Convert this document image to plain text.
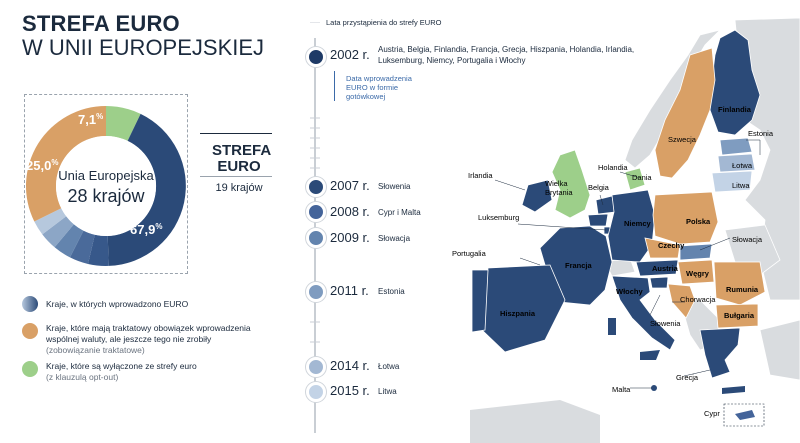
STREFA EURO
W UNII EUROPEJSKIEJ
Unia Europejska
28 krajów
67,9%
25,0%
7,1%
Kraje, w których wprowadzono EURO
Kraje, które mają traktatowy obowiązek wprowadzenia wspólnej waluty, ale jeszcze tego nie zrobiły
(zobowiązanie traktatowe)
Kraje, które są wyłączone ze strefy euro
(z klauzulą opt-out)
STREFA EURO
19 krajów
Lata przystąpienia do strefy EURO
2002 r. Austria, Belgia, Finlandia, Francja, Grecja, Hiszpania, Holandia, Irlandia,
Luksemburg, Niemcy, Portugalia i Włochy
Data wprowadzenia EURO w formie gotówkowej
2007 r. Słowenia
2008 r. Cypr i Malta
2009 r. Słowacja
2011 r. Estonia
2014 r. Łotwa
2015 r. Litwa
Finlandia
Szwecja
Estonia
Łotwa
Litwa
Irlandia
Wielka
Brytania
Holandia
Dania
Belgia
Luksemburg
Niemcy	Polska
Czechy
Słowacja
Portugalia
Francja	Austria
Węgry
Rumunia
Włochy
Chorwacja
Bułgaria
Hiszpania
Słowenia
Grecja
Malta
Cypr
